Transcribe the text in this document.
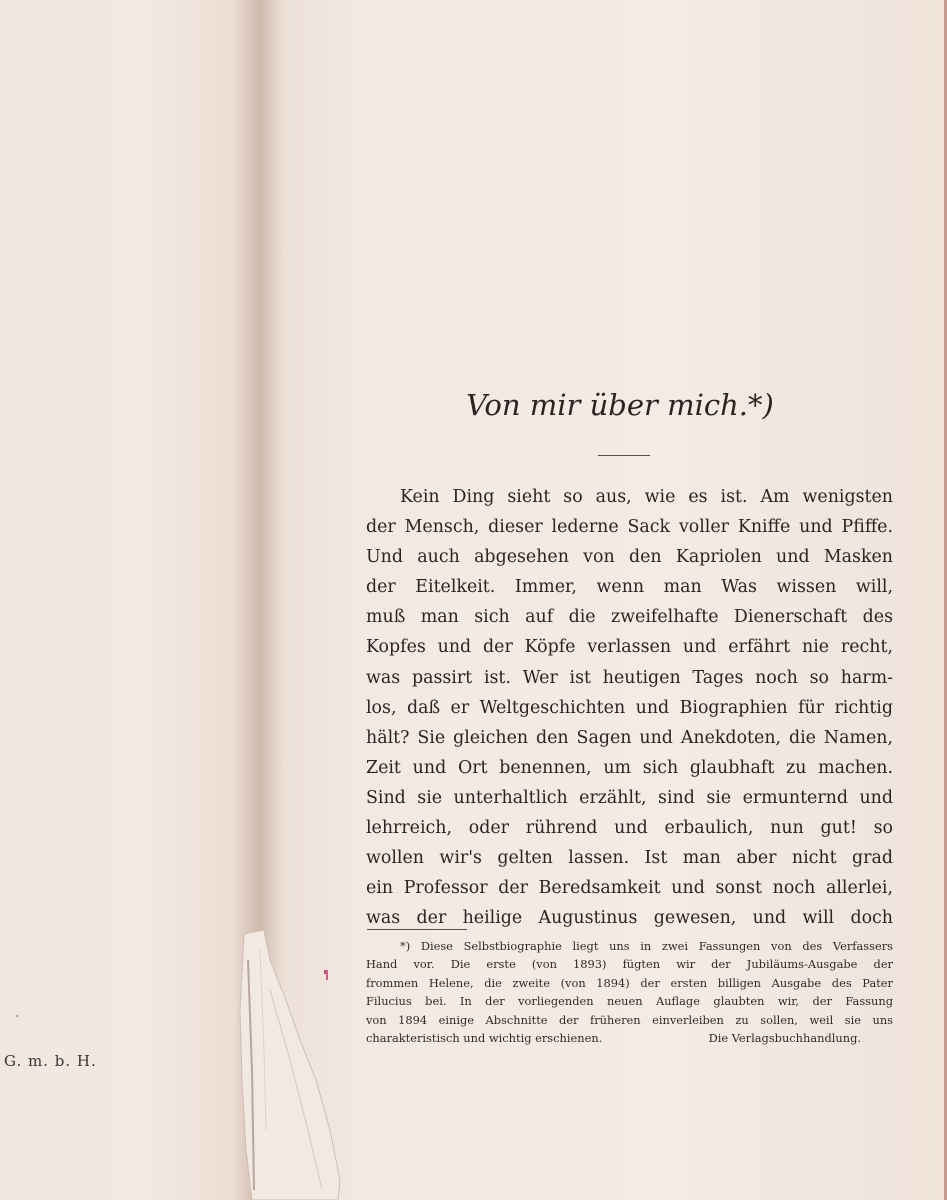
G. m. b. H.
Von mir über mich.*)
Kein Ding sieht so aus, wie es ist. Am wenigsten
der Mensch, dieser lederne Sack voller Kniffe und Pfiffe.
Und auch abgesehen von den Kapriolen und Masken
der Eitelkeit. Immer, wenn man Was wissen will,
muß man sich auf die zweifelhafte Dienerschaft des
Kopfes und der Köpfe verlassen und erfährt nie recht,
was passirt ist. Wer ist heutigen Tages noch so harm-
los, daß er Weltgeschichten und Biographien für richtig
hält? Sie gleichen den Sagen und Anekdoten, die Namen,
Zeit und Ort benennen, um sich glaubhaft zu machen.
Sind sie unterhaltlich erzählt, sind sie ermunternd und
lehrreich, oder rührend und erbaulich, nun gut! so
wollen wir's gelten lassen. Ist man aber nicht grad
ein Professor der Beredsamkeit und sonst noch allerlei,
was der heilige Augustinus gewesen, und will doch
*) Diese Selbstbiographie liegt uns in zwei Fassungen von des Verfassers
Hand vor. Die erste (von 1893) fügten wir der Jubiläums-Ausgabe der
frommen Helene, die zweite (von 1894) der ersten billigen Ausgabe des Pater
Filucius bei. In der vorliegenden neuen Auflage glaubten wir, der Fassung
von 1894 einige Abschnitte der früheren einverleiben zu sollen, weil sie uns
charakteristisch und wichtig erschienen.	Die Verlagsbuchhandlung.
